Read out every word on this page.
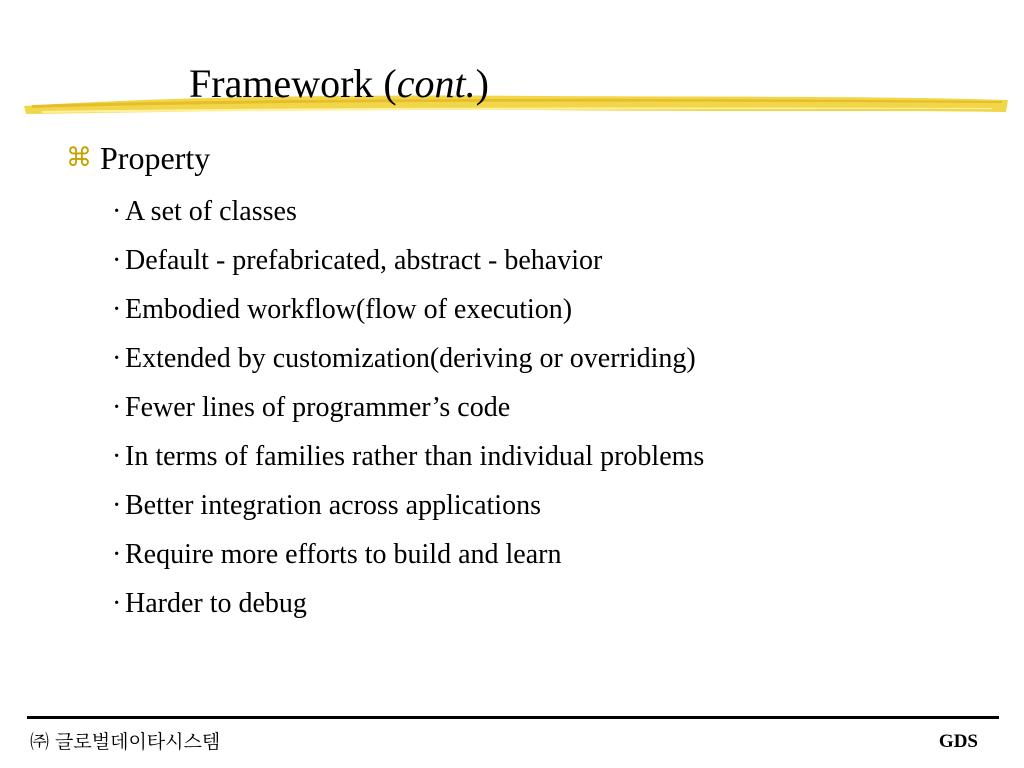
Framework (cont.)
⌘ Property
· A set of classes
· Default - prefabricated, abstract - behavior
· Embodied workflow(flow of execution)
· Extended by customization(deriving or overriding)
· Fewer lines of programmer’s code
· In terms of families rather than individual problems
· Better integration across applications
· Require more efforts to build and learn
· Harder to debug
㈜ 글로벌데이타시스템	GDS
